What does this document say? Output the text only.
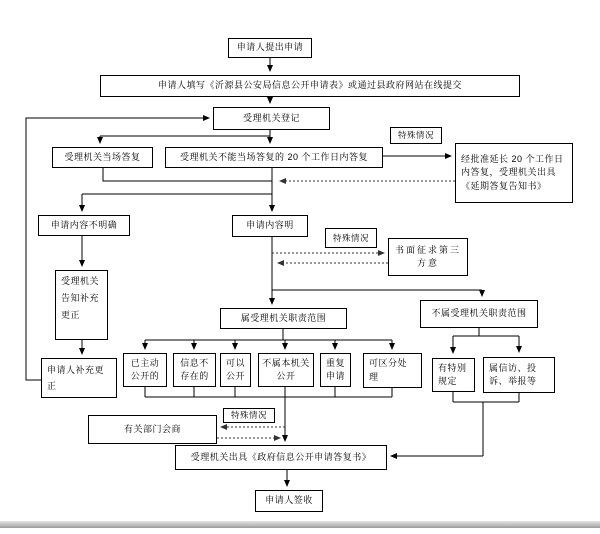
申请人提出申请
申请人填写《沂源县公安局信息公开申请表》或通过县政府网站在线提交
受理机关登记
受理机关当场答复	受理机关不能当场答复的 20 个工作日内答复
特殊情况
经批准延长 20 个工作日内答复，受理机关出具《延期答复告知书》
申请内容不明确	申请内容明
特殊情况
书面征求第三方意
受理机关告知补充更正
申请人补充更正
属受理机关职责范围	不属受理机关职责范围
已主动公开的
信息不存在的
可以公开
不属本机关公开
重复申请
可区分处理
有特别规定
属信访、投诉、举报等
特殊情况
有关部门会商
受理机关出具《政府信息公开申请答复书》
申请人签收
